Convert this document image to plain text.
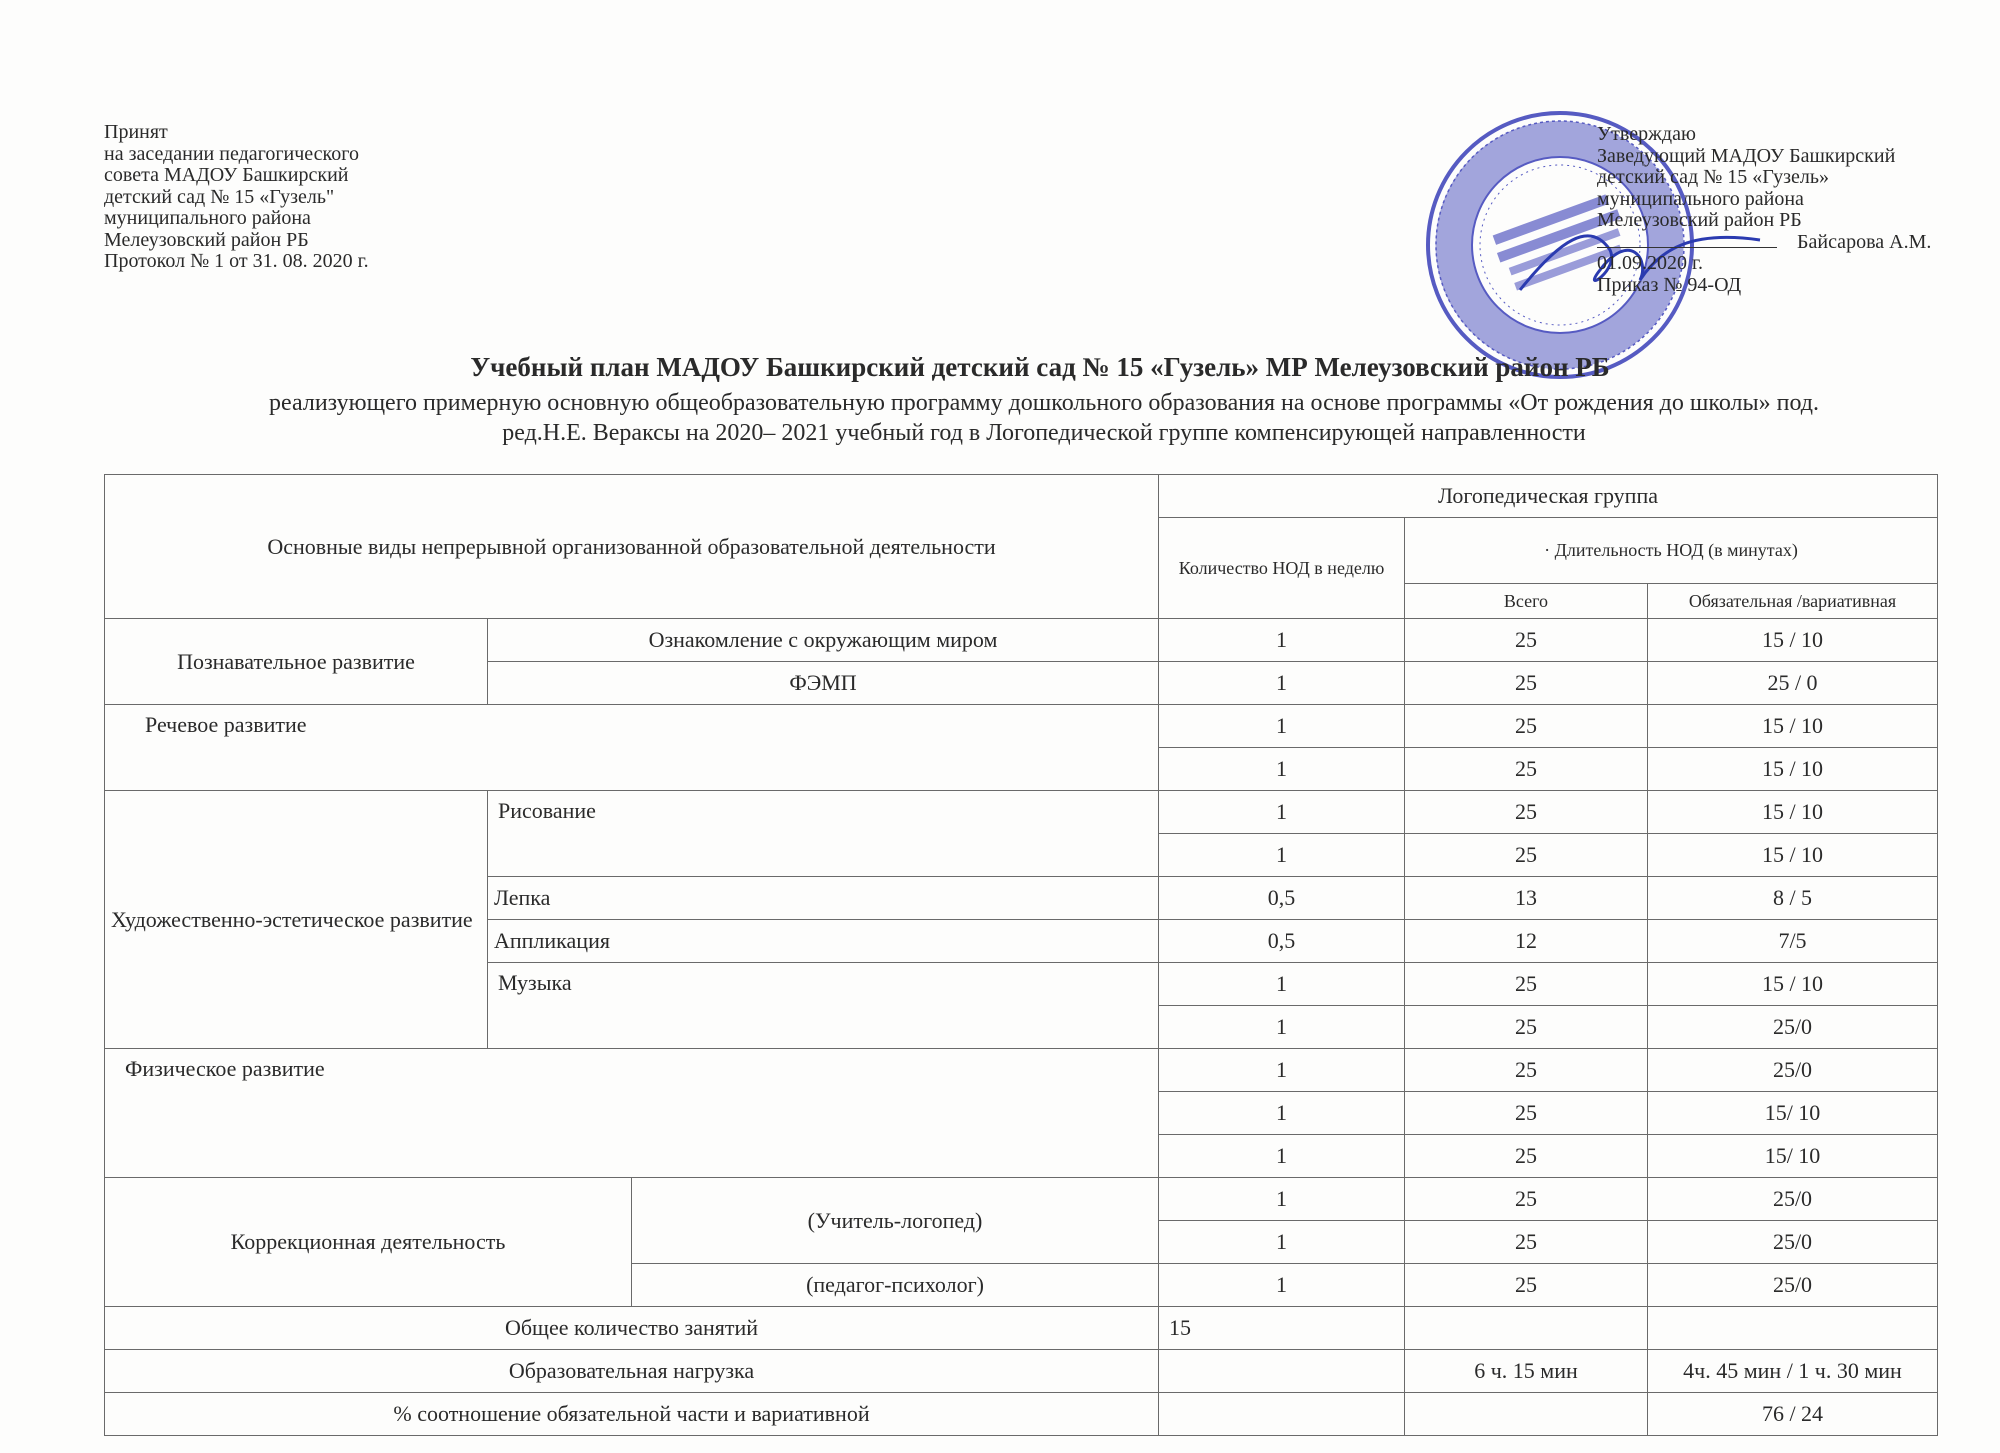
Принят
на заседании педагогического
совета МАДОУ Башкирский
детский сад № 15 «Гузель"
муниципального района
Мелеузовский район РБ
Протокол № 1 от 31. 08. 2020 г.
Утверждаю
Заведующий МАДОУ Башкирский
детский сад № 15 «Гузель»
муниципального района
Мелеузовский район РБ
Байсарова А.М.
01.09.2020 г.
Приказ № 94-ОД
Учебный план МАДОУ Башкирский детский сад № 15 «Гузель» МР Мелеузовский район РБ
реализующего примерную основную общеобразовательную программу дошкольного образования на основе программы «От рождения до школы» под.
ред.Н.Е. Вераксы на 2020– 2021 учебный год в Логопедической группе компенсирующей направленности
Основные виды непрерывной организованной образовательной деятельности			Логопедическая группа		
			Количество НОД в неделю	· Длительность НОД (в минутах)	
				Всего	Обязательная /вариативная
Познавательное развитие	Ознакомление с окружающим миром		1	25	15 / 10
	ФЭМП		1	25	25 / 0
Речевое развитие			1	25	15 / 10
			1	25	15 / 10
Художественно-эстетическое развитие	Рисование		1	25	15 / 10
			1	25	15 / 10
	Лепка		0,5	13	8 / 5
	Аппликация		0,5	12	7/5
	Музыка		1	25	15 / 10
			1	25	25/0
Физическое развитие			1	25	25/0
			1	25	15/ 10
			1	25	15/ 10
Коррекционная деятельность		(Учитель-логопед)	1	25	25/0
			1	25	25/0
		(педагог-психолог)	1	25	25/0
Общее количество занятий			15		
Образовательная нагрузка				6 ч. 15 мин	4ч. 45 мин / 1 ч. 30 мин
% соотношение обязательной части и вариативной					76 / 24
